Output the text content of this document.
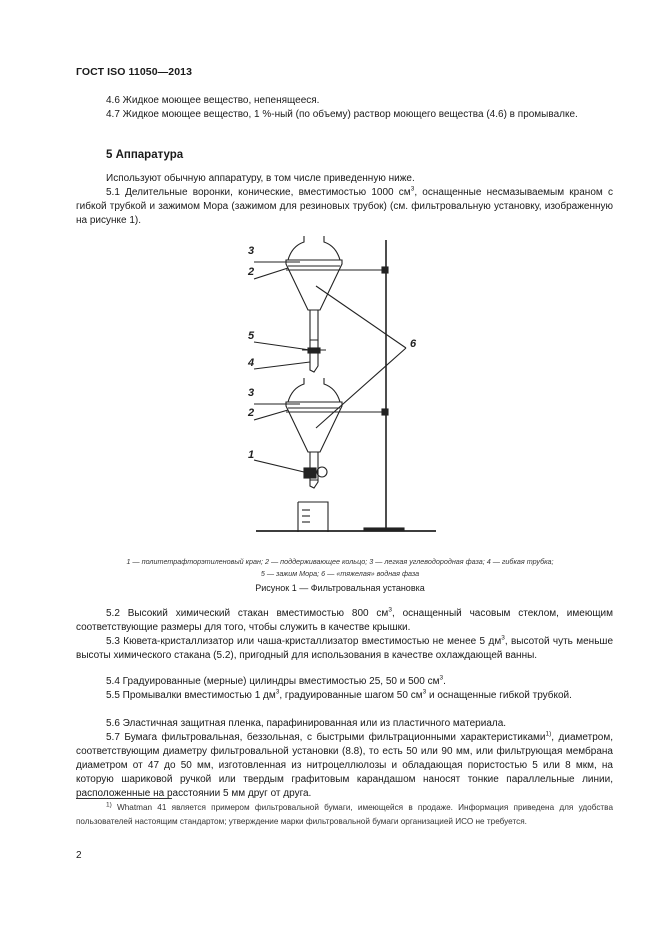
ГОСТ ISO 11050—2013
4.6 Жидкое моющее вещество, непенящееся.
4.7 Жидкое моющее вещество, 1 %-ный (по объему) раствор моющего вещества (4.6) в промывалке.
5 Аппаратура
Используют обычную аппаратуру, в том числе приведенную ниже.
5.1 Делительные воронки, конические, вместимостью 1000 $см^3$, оснащенные несмазываемым краном с гибкой трубкой и зажимом Мора (зажимом для резиновых трубок) (см. фильтровальную установку, изображенную на рисунке 1).
3
2
5
4
3
2
1
6
1 — политетрафторэтиленовый кран; 2 — поддерживающее кольцо; 3 — легкая углеводородная фаза; 4 — гибкая трубка;
5 — зажим Мора; 6 — «тяжелая» водная фаза
Рисунок 1 — Фильтровальная установка
5.2 Высокий химический стакан вместимостью 800 $см^3$, оснащенный часовым стеклом, имеющим соответствующие размеры для того, чтобы служить в качестве крышки.
5.3 Кювета-кристаллизатор или чаша-кристаллизатор вместимостью не менее 5 $дм^3$, высотой чуть меньше высоты химического стакана (5.2), пригодный для использования в качестве охлаждающей ванны.
5.4 Градуированные (мерные) цилиндры вместимостью 25, 50 и 500 $см^3$.
5.5 Промывалки вместимостью 1 $дм^3$, градуированные шагом 50 $см^3$ и оснащенные гибкой трубкой.
5.6 Эластичная защитная пленка, парафинированная или из пластичного материала.
5.7 Бумага фильтровальная, беззольная, с быстрыми фильтрационными характеристиками$^{1)}$, диаметром, соответствующим диаметру фильтровальной установки (8.8), то есть 50 или 90 мм, или фильтрующая мембрана диаметром от 47 до 50 мм, изготовленная из нитроцеллюлозы и обладающая пористостью 5 или 8 мкм, на которую шариковой ручкой или твердым графитовым карандашом наносят тонкие параллельные линии, расположенные на расстоянии 5 мм друг от друга.
$^{1)}$ Whatman 41 является примером фильтровальной бумаги, имеющейся в продаже. Информация приведена для удобства пользователей настоящим стандартом; утверждение марки фильтровальной бумаги организацией ИСО не требуется.
2
